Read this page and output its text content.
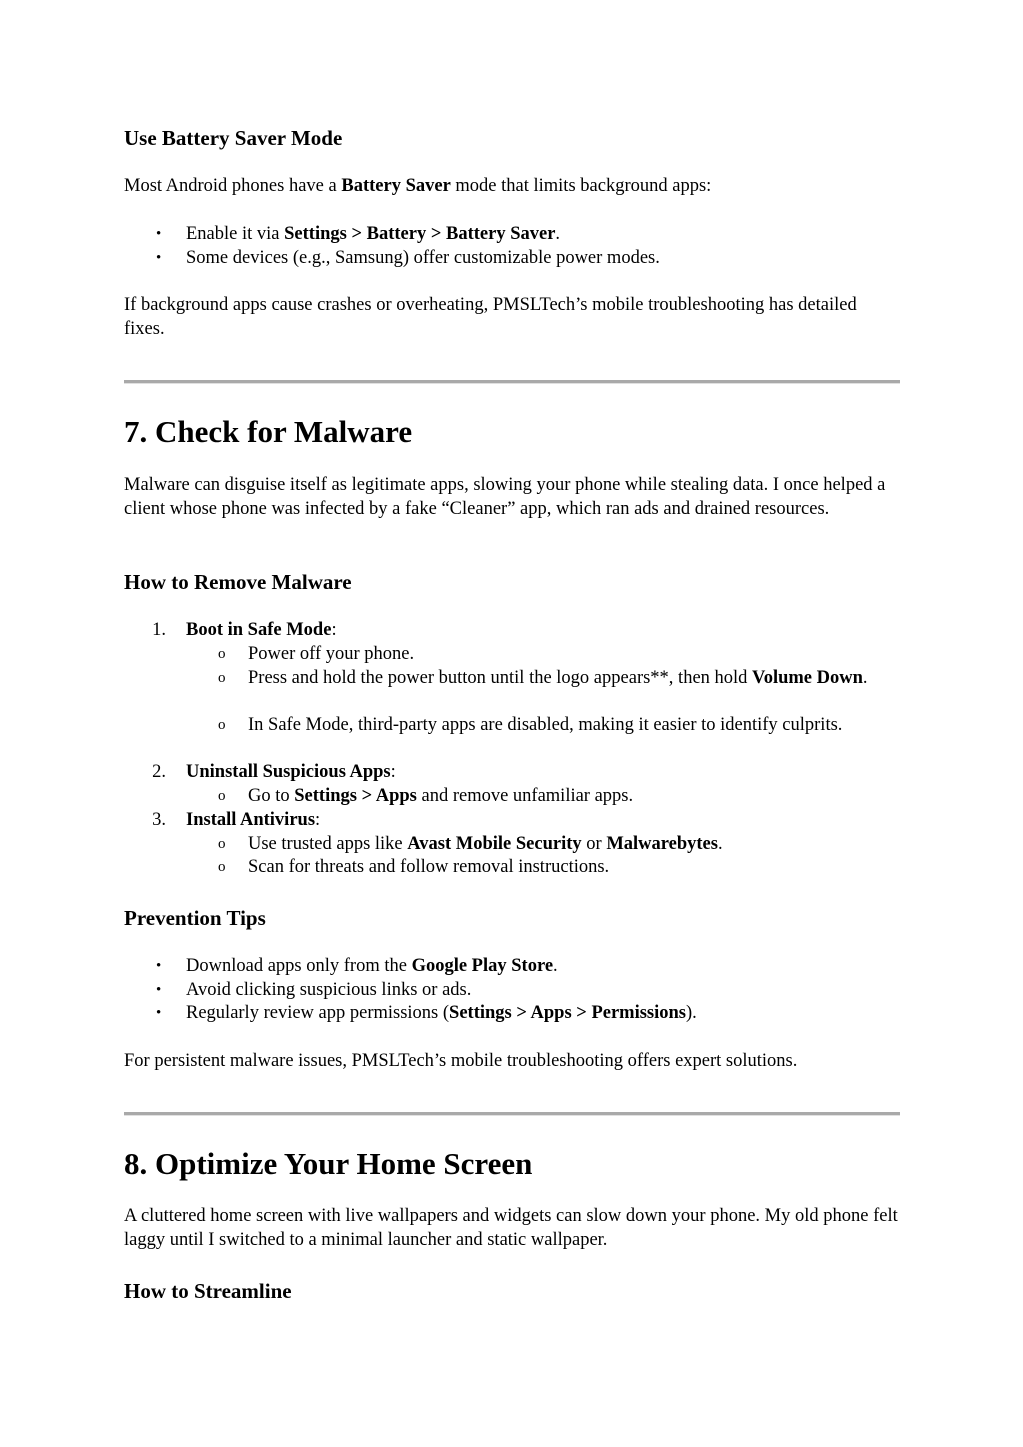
Use Battery Saver Mode
Most Android phones have a Battery Saver mode that limits background apps:
• Enable it via Settings > Battery > Battery Saver.
• Some devices (e.g., Samsung) offer customizable power modes.
If background apps cause crashes or overheating, PMSLTech’s mobile troubleshooting has detailed fixes.
7. Check for Malware
Malware can disguise itself as legitimate apps, slowing your phone while stealing data. I once helped a client whose phone was infected by a fake “Cleaner” app, which ran ads and drained resources.
How to Remove Malware
1. Boot in Safe Mode:
o Power off your phone.
o Press and hold the power button until the logo appears**, then hold Volume Down.
o In Safe Mode, third-party apps are disabled, making it easier to identify culprits.
2. Uninstall Suspicious Apps:
o Go to Settings > Apps and remove unfamiliar apps.
3. Install Antivirus:
o Use trusted apps like Avast Mobile Security or Malwarebytes.
o Scan for threats and follow removal instructions.
Prevention Tips
• Download apps only from the Google Play Store.
• Avoid clicking suspicious links or ads.
• Regularly review app permissions (Settings > Apps > Permissions).
For persistent malware issues, PMSLTech’s mobile troubleshooting offers expert solutions.
8. Optimize Your Home Screen
A cluttered home screen with live wallpapers and widgets can slow down your phone. My old phone felt laggy until I switched to a minimal launcher and static wallpaper.
How to Streamline
